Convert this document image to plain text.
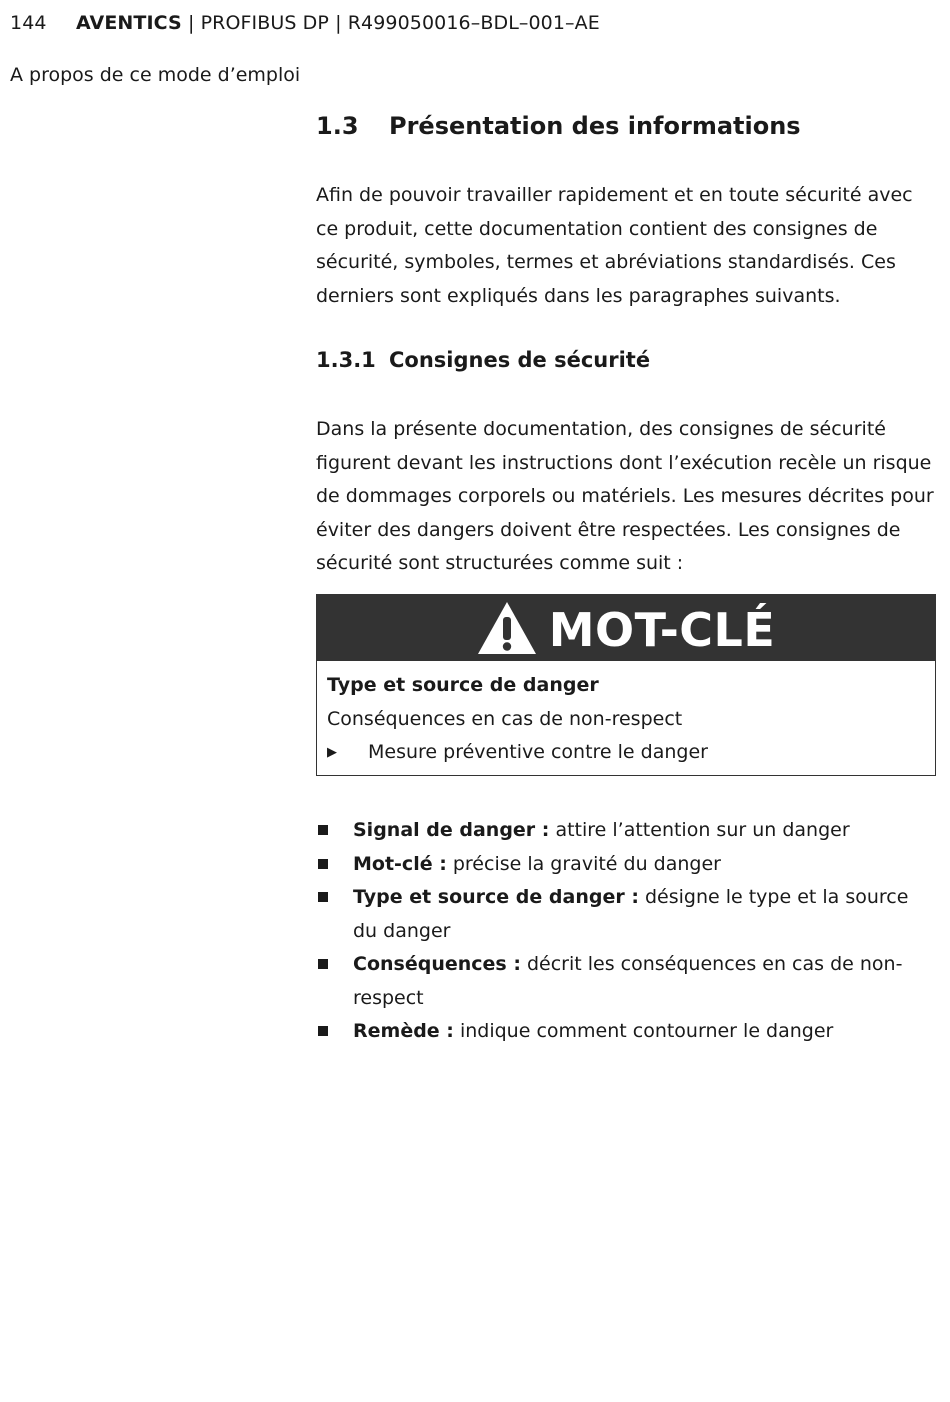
144 AVENTICS | PROFIBUS DP | R499050016–BDL–001–AE
A propos de ce mode d’emploi
1.3 Présentation des informations

Afin de pouvoir travailler rapidement et en toute sécurité avec ce produit, cette documentation contient des consignes de sécurité, symboles, termes et abréviations standardisés. Ces derniers sont expliqués dans les paragraphes suivants.

1.3.1 Consignes de sécurité

Dans la présente documentation, des consignes de sécurité figurent devant les instructions dont l’exécution recèle un risque de dommages corporels ou matériels. Les mesures décrites pour éviter des dangers doivent être respectées. Les consignes de sécurité sont structurées comme suit :

MOT-CLÉ
Type et source de danger
Conséquences en cas de non-respect
▶	Mesure préventive contre le danger
Signal de danger : attire l’attention sur un danger
Mot-clé : précise la gravité du danger
Type et source de danger : désigne le type et la source du danger
Conséquences : décrit les conséquences en cas de non-respect
Remède : indique comment contourner le danger
